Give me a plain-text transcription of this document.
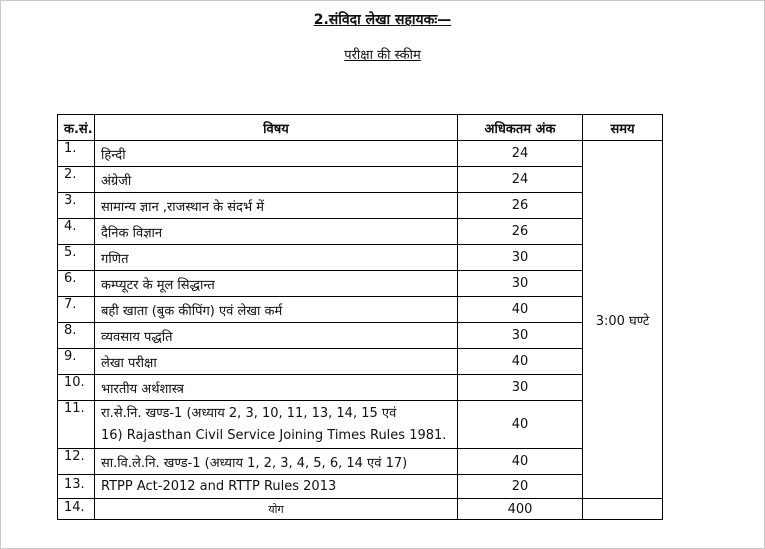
2.संविदा लेखा सहायकः—
परीक्षा की स्कीम
क.सं.	विषय	अधिकतम अंक	समय
1.	हिन्दी	24	3:00 घण्टे
2.	अंग्रेजी	24	
3.	सामान्य ज्ञान ,राजस्थान के संदर्भ में	26	
4.	दैनिक विज्ञान	26	
5.	गणित	30	
6.	कम्प्यूटर के मूल सिद्धान्त	30	
7.	बही खाता (बुक कीपिंग) एवं लेखा कर्म	40	
8.	व्यवसाय पद्धति	30	
9.	लेखा परीक्षा	40	
10.	भारतीय अर्थशास्त्र	30	
11.	रा.से.नि. खण्ड-1 (अध्याय 2, 3, 10, 11, 13, 14, 15 एवं
16) Rajasthan Civil Service Joining Times Rules 1981.	40	
12.	सा.वि.ले.नि. खण्ड-1 (अध्याय 1, 2, 3, 4, 5, 6, 14 एवं 17)	40	
13.	RTPP Act-2012 and RTTP Rules 2013	20	
14.	योग	400	
